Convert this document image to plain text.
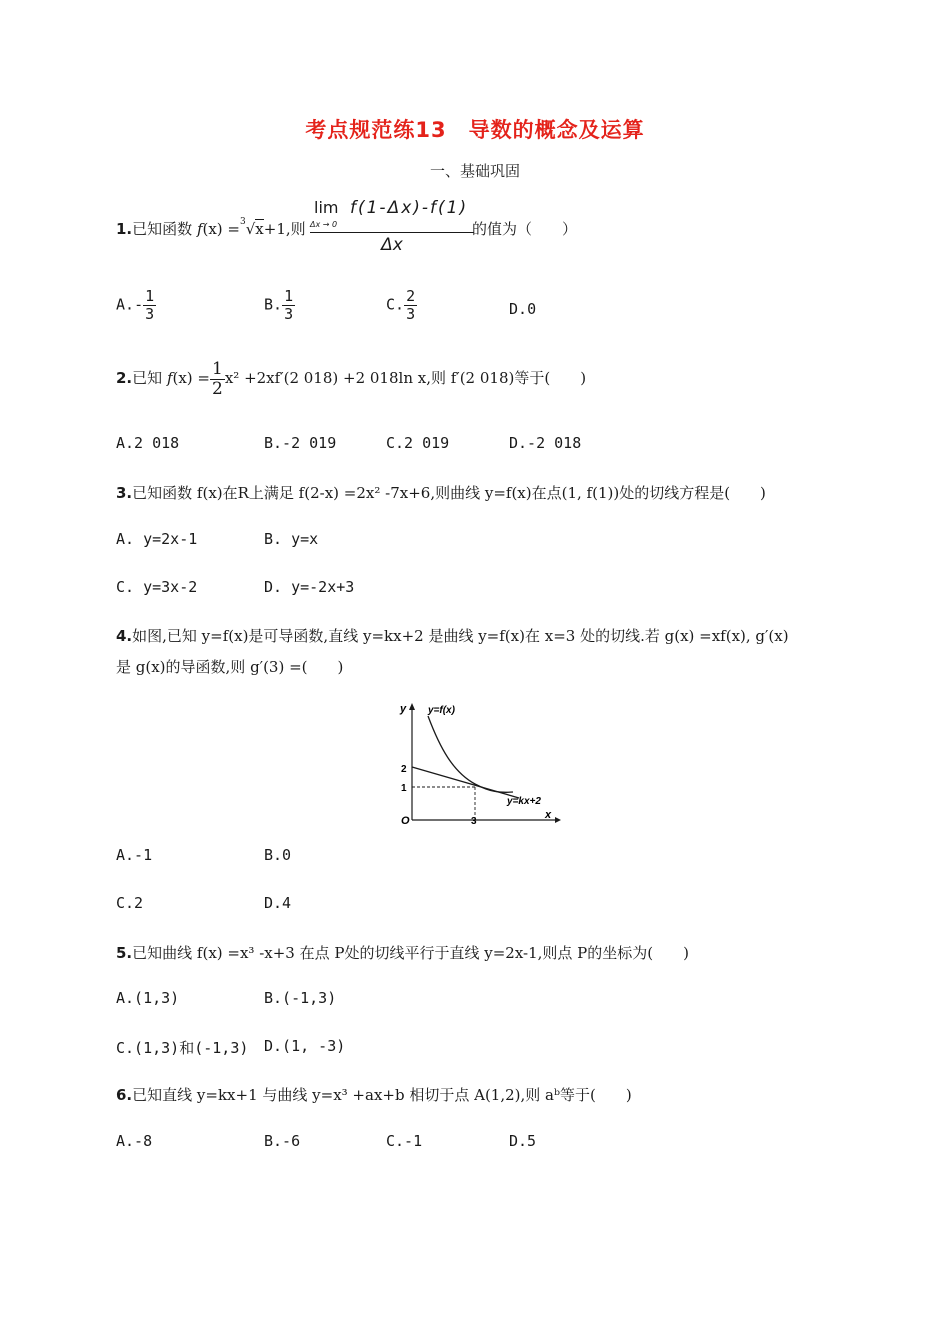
考点规范练13　导数的概念及运算
一、基础巩固
1.已知函数 f(x) =$^3$√x+1,则 lim
Δx → 0
f(1-Δx)-f(1)
Δx
的值为（　　）
$A.- \frac{1}{3}$	B. $\frac{1}{3}$	C. $\frac{2}{3}$	D.0
2.已知 $f(x) = \frac{1}{2} x^2 +2xf'(2$ 018) +2 018ln x,则 f′(2 018)等于(　　)
A.2 018	B.-2 019	C.2 019	D.-2 018
3.已知函数 f(x)在R上满足 f(2-x) =2x² -7x+6,则曲线 y=f(x)在点(1, f(1))处的切线方程是(　　)
A. y=2x-1	B. y=x
C. y=3x-2	D. y=-2x+3
4.如图,已知 y=f(x)是可导函数,直线 y=kx+2 是曲线 y=f(x)在 x=3 处的切线.若 g(x) =xf(x), g′(x)
是 g(x)的导函数,则 g′(3) =(　　)
y y=f(x)
2
1
y=kx+2
O	3
x
A.-1	B.0
C.2	D.4
5.已知曲线 f(x) =x³ -x+3 在点 P处的切线平行于直线 y=2x-1,则点 P的坐标为(　　)
A.(1,3)	B.(-1,3)
C.(1,3)和(-1,3) D.(1, -3)
6.已知直线 y=kx+1 与曲线 y=x³ +ax+b 相切于点 A(1,2),则 aᵇ等于(　　)
A.-8	B.-6	C.-1	D.5
